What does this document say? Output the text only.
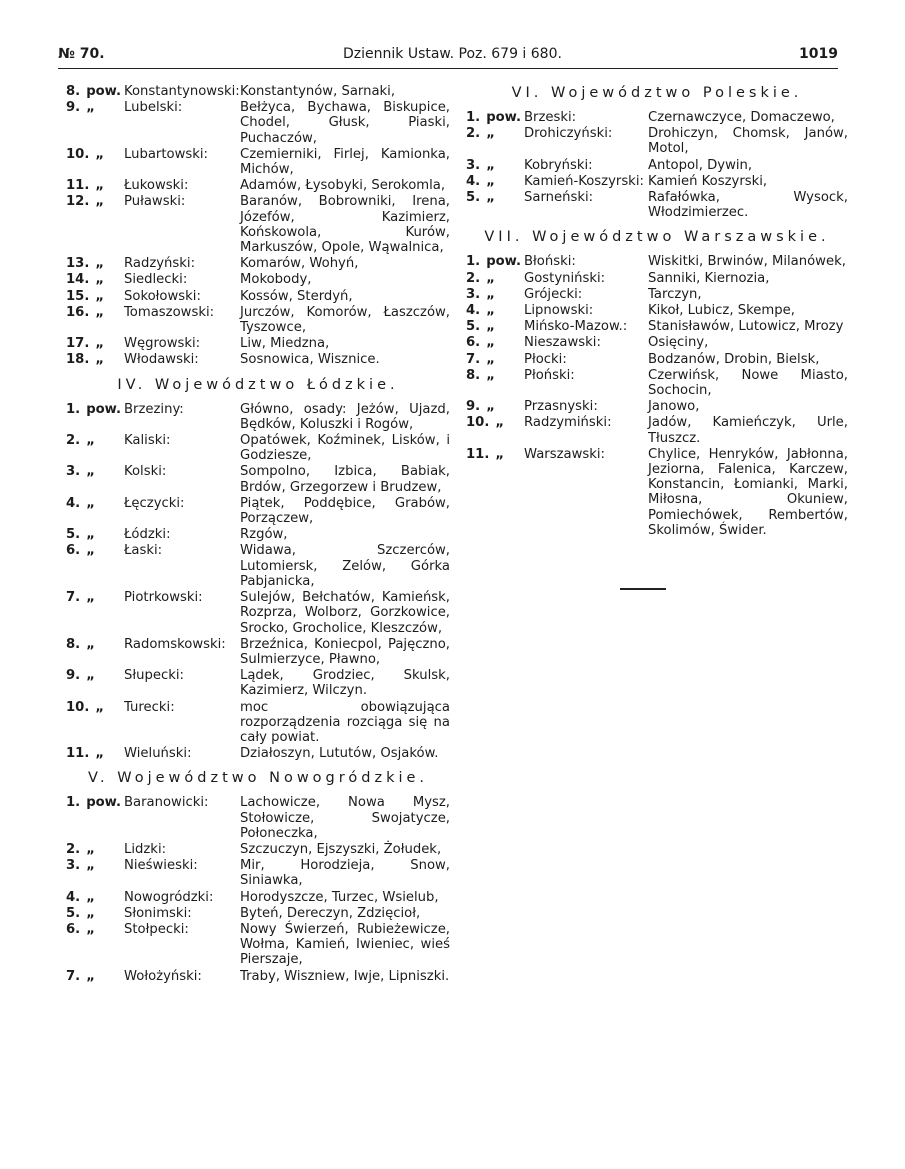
№ 70.	Dziennik Ustaw. Poz. 679 i 680.	1019
8. pow. Konstantynowski: Konstantynów, Sarnaki,
9. „	Lubelski:	Bełżyca, Bychawa, Biskupice, Chodel, Głusk, Piaski, Puchaczów,
10. „	Lubartowski:	Czemierniki, Firlej, Kamionka, Michów,
11. „	Łukowski:	Adamów, Łysobyki, Serokomla,
12. „	Puławski:	Baranów, Bobrowniki, Irena, Józefów, Kazimierz, Końskowola, Kurów, Markuszów, Opole, Wąwalnica,
13. „	Radzyński:	Komarów, Wohyń,
14. „	Siedlecki:	Mokobody,
15. „	Sokołowski:	Kossów, Sterdyń,
16. „	Tomaszowski:	Jurczów, Komorów, Łaszczów, Tyszowce,
17. „	Węgrowski:	Liw, Miedzna,
18. „	Włodawski:	Sosnowica, Wisznice.
IV. Województwo Łódzkie.
1. pow. Brzeziny:	Główno, osady: Jeżów, Ujazd, Będków, Koluszki i Rogów,
2. „	Kaliski:	Opatówek, Koźminek, Lisków, i Godziesze,
3. „	Kolski:	Sompolno, Izbica, Babiak, Brdów, Grzegorzew i Brudzew,
4. „	Łęczycki:	Piątek, Poddębice, Grabów, Porzączew,
5. „	Łódzki:	Rzgów,
6. „	Łaski:	Widawa, Szczerców, Lutomiersk, Zelów, Górka Pabjanicka,
7. „	Piotrkowski:	Sulejów, Bełchatów, Kamieńsk, Rozprza, Wolborz, Gorzkowice, Srocko, Grocholice, Kleszczów,
8. „	Radomskowski:	Brzeźnica, Koniecpol, Pajęczno, Sulmierzyce, Pławno,
9. „	Słupecki:	Lądek, Grodziec, Skulsk, Kazimierz, Wilczyn.
10. „	Turecki:	moc obowiązująca rozporządzenia rozciąga się na cały powiat.
11. „	Wieluński:	Działoszyn, Lututów, Osjaków.
V. Województwo Nowogródzkie.
1. pow. Baranowicki:	Lachowicze, Nowa Mysz, Stołowicze, Swojatycze, Połoneczka,
2. „	Lidzki:	Szczuczyn, Ejszyszki, Żołudek,
3. „	Nieświeski:	Mir, Horodzieja, Snow, Siniawka,
4. „	Nowogródzki:	Horodyszcze, Turzec, Wsielub,
5. „	Słonimski:	Byteń, Dereczyn, Zdzięcioł,
6. „	Stołpecki:	Nowy Świerzeń, Rubieżewicze, Wołma, Kamień, Iwieniec, wieś Pierszaje,
7. „	Wołożyński:	Traby, Wiszniew, Iwje, Lipniszki.
VI. Województwo Poleskie.
1. pow. Brzeski:	Czernawczyce, Domaczewo,
2. „	Drohiczyński:	Drohiczyn, Chomsk, Janów, Motol,
3. „	Kobryński:	Antopol, Dywin,
4. „	Kamień-Koszyrski: Kamień Koszyrski,
5. „	Sarneński:	Rafałówka, Wysock, Włodzimierzec.
VII. Województwo Warszawskie.
1. pow. Błoński:	Wiskitki, Brwinów, Milanówek,
2. „	Gostyniński:	Sanniki, Kiernozia,
3. „	Grójecki:	Tarczyn,
4. „	Lipnowski:	Kikoł, Lubicz, Skempe,
5. „	Mińsko-Mazow.:	Stanisławów, Lutowicz, Mrozy
6. „	Nieszawski:	Osięciny,
7. „	Płocki:	Bodzanów, Drobin, Bielsk,
8. „	Płoński:	Czerwińsk, Nowe Miasto, Sochocin,
9. „	Przasnyski:	Janowo,
10. „	Radzymiński:	Jadów, Kamieńczyk, Urle, Tłuszcz.
11. „	Warszawski:	Chylice, Henryków, Jabłonna, Jeziorna, Falenica, Karczew, Konstancin, Łomianki, Marki, Miłosna, Okuniew, Pomiechówek, Rembertów, Skolimów, Świder.
